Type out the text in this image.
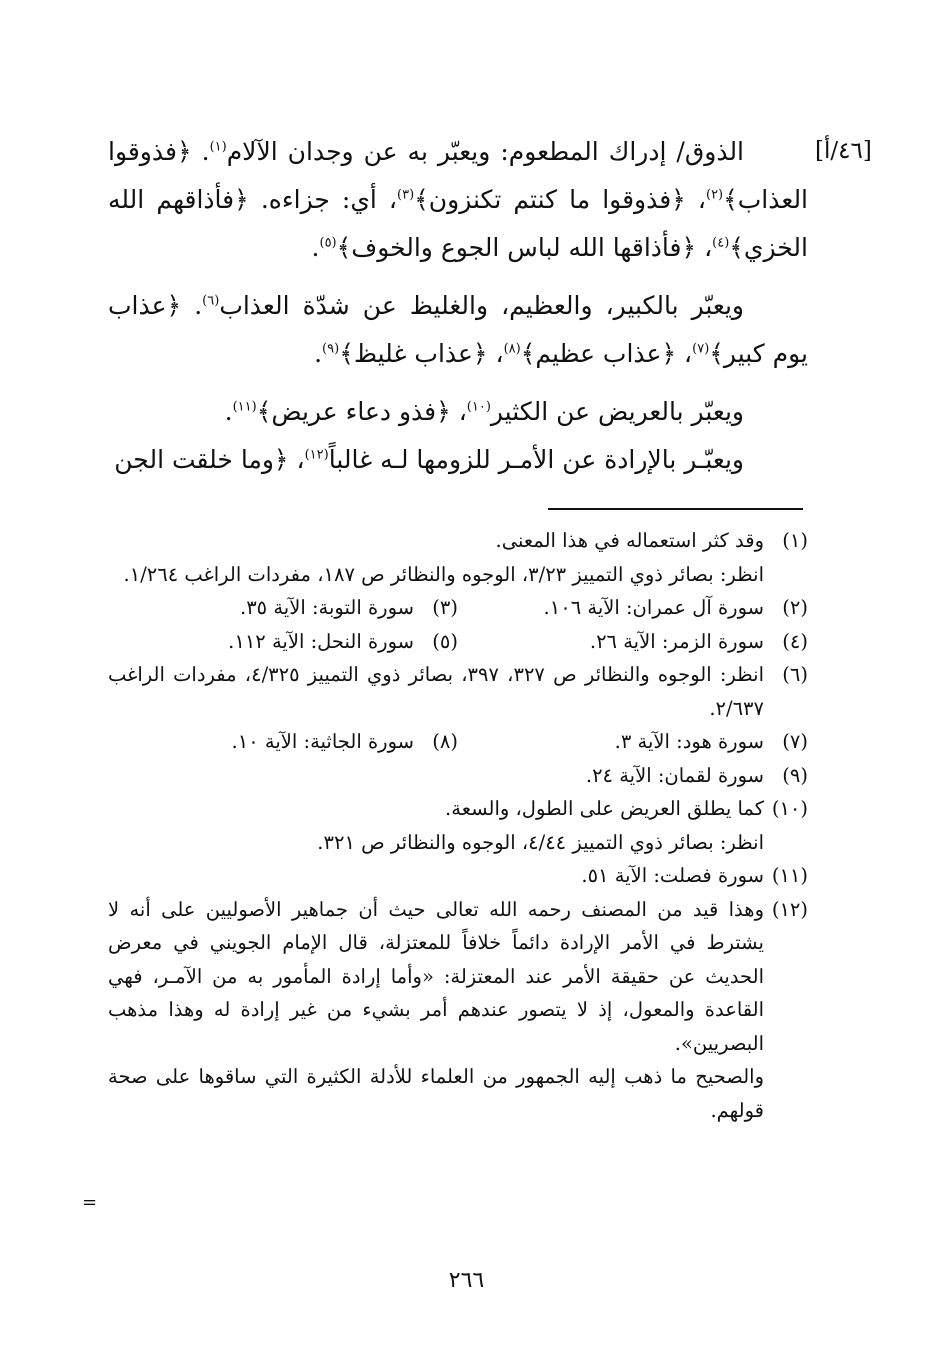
[٤٦/أ]

الذوق/ إدراك المطعوم: ويعبّر به عن وجدان الآلام$^{(١)}$. ﴿فذوقوا العذاب﴾$^{(٢)}$، ﴿فذوقوا ما كنتم تكنزون﴾$^{(٣)}$، أي: جزاءه. ﴿فأذاقهم الله الخزي﴾$^{(٤)}$، ﴿فأذاقها الله لباس الجوع والخوف﴾$^{(٥)}$.

ويعبّر بالكبير، والعظيم، والغليظ عن شدّة العذاب$^{(٦)}$. ﴿عذاب يوم كبير﴾$^{(٧)}$، ﴿عذاب عظيم﴾$^{(٨)}$، ﴿عذاب غليظ﴾$^{(٩)}$.

ويعبّر بالعريض عن الكثير$^{(١٠)}$، ﴿فذو دعاء عريض﴾$^{(١١)}$.

ويعبّـر بالإرادة عن الأمـر للزومها لـه غالباً$^{(١٢)}$، ﴿وما خلقت الجن

(١)
وقد كثر استعماله في هذا المعنى.
انظر: بصائر ذوي التمييز ٣/٢٣، الوجوه والنظائر ص ١٨٧، مفردات الراغب ١/٢٦٤.
(٢)
سورة آل عمران: الآية ١٠٦.
(٣)
سورة التوبة: الآية ٣٥.
(٤)
سورة الزمر: الآية ٢٦.
(٥)
سورة النحل: الآية ١١٢.
(٦)
انظر: الوجوه والنظائر ص ٣٢٧، ٣٩٧، بصائر ذوي التمييز ٤/٣٢٥، مفردات الراغب ٢/٦٣٧.
(٧)
سورة هود: الآية ٣.
(٨)
سورة الجاثية: الآية ١٠.
(٩)
سورة لقمان: الآية ٢٤.
(١٠)
كما يطلق العريض على الطول، والسعة.
انظر: بصائر ذوي التمييز ٤/٤٤، الوجوه والنظائر ص ٣٢١.
(١١)
سورة فصلت: الآية ٥١.
(١٢)
وهذا قيد من المصنف رحمه الله تعالى حيث أن جماهير الأصوليين على أنه لا يشترط في الأمر الإرادة دائماً خلافاً للمعتزلة، قال الإمام الجويني في معرض الحديث عن حقيقة الأمر عند المعتزلة: «وأما إرادة المأمور به من الآمـر، فهي القاعدة والمعول، إذ لا يتصور عندهم أمر بشيء من غير إرادة له وهذا مذهب البصريين».
والصحيح ما ذهب إليه الجمهور من العلماء للأدلة الكثيرة التي ساقوها على صحة قولهم.
=
٢٦٦
